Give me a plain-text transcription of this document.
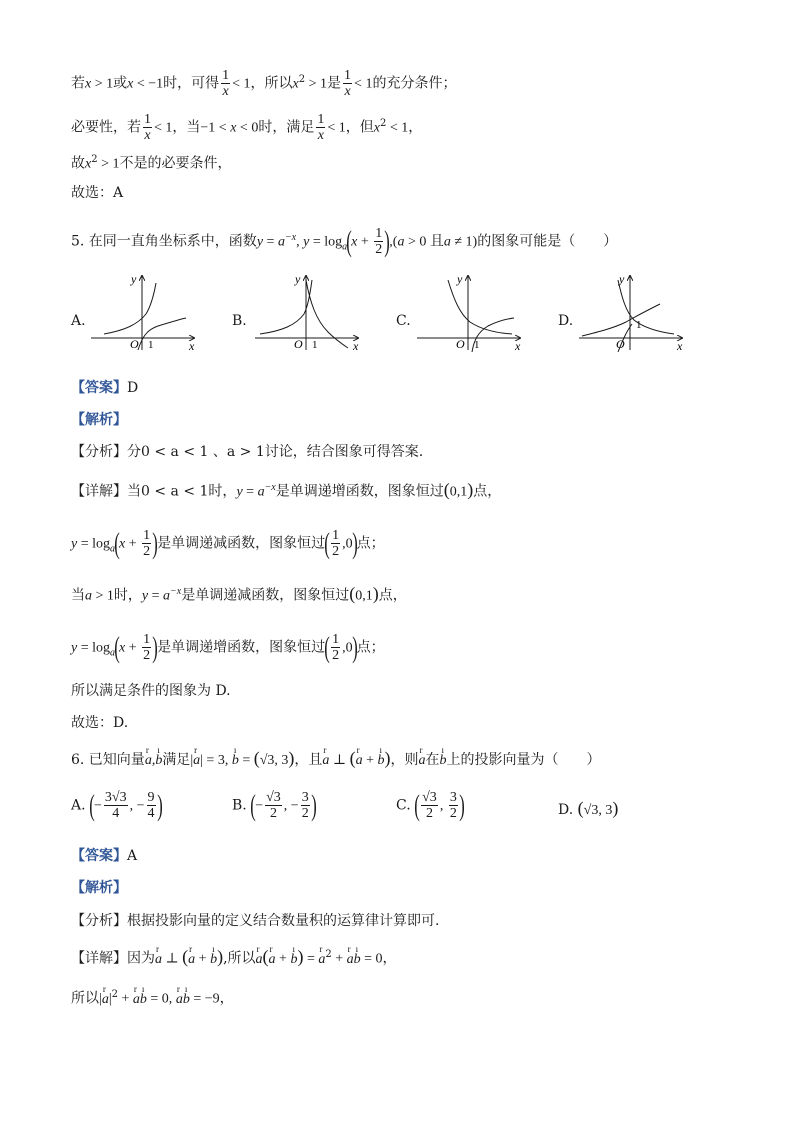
若x > 1或x < −1时，可得 $\frac{1}{x} < 1$，所以$x^2 > 1$是 $\frac{1}{x} < 1$的充分条件；
必要性，若 $\frac{1}{x} < 1$，当−1 < x < 0时，满足 $\frac{1}{x} < 1$，但$x^2 < 1$，
故$x^2 > 1$不是的必要条件，
故选：A
5. 在同一直角坐标系中，函数$y = a^{-x}$, $y = \log_a(x + \frac{1}{2} ),(a > 0$ 且a ≠ 1)的图象可能是（　　）
A.	B.	C.	D.
O 1	x
y
O 1	x
y
O 1	x
y
O
1
x
y
【答案】D
【解析】
【分析】分0 < a < 1 、a > 1讨论，结合图象可得答案.
【详解】当0 < a < 1时，$y = a^{-x}$是单调递增函数，图象恒过(0,1)点，
$y = \log_a(x + \frac{1}{2}$ )是单调递减函数，图象恒过( $\frac{1}{2} ,0$)点；
当a > 1时，$y = a^{-x}$是单调递减函数，图象恒过(0,1)点，
$y = \log_a(x + \frac{1}{2}$ )是单调递增函数，图象恒过( $\frac{1}{2} ,0$)点；
所以满足条件的图象为 D.
故选：D.
6. 已知向量r a,ı b满足|r a| = 3, ı b = (√3, 3)，且r a ⊥ (r a + ı b)，则r a在ı b上的投影向量为（　　）
A. (− $\frac{3√3}{4}$ , − $\frac{9}{4}$ )	B. (− $\frac{√3}{2}$ , − $\frac{3}{2}$ )	C. ( $\frac{√3}{2}$ , $\frac{3}{2}$ )	D. (√3, 3)
【答案】A
【解析】
【分析】根据投影向量的定义结合数量积的运算律计算即可.
【详解】因为r a ⊥ (r a + ı b),所以r a(r a + ı b) = r $a^2 + r$ aı b = 0，
所以|r $a|^2 + r$ aı b = 0, r aı b = −9，
